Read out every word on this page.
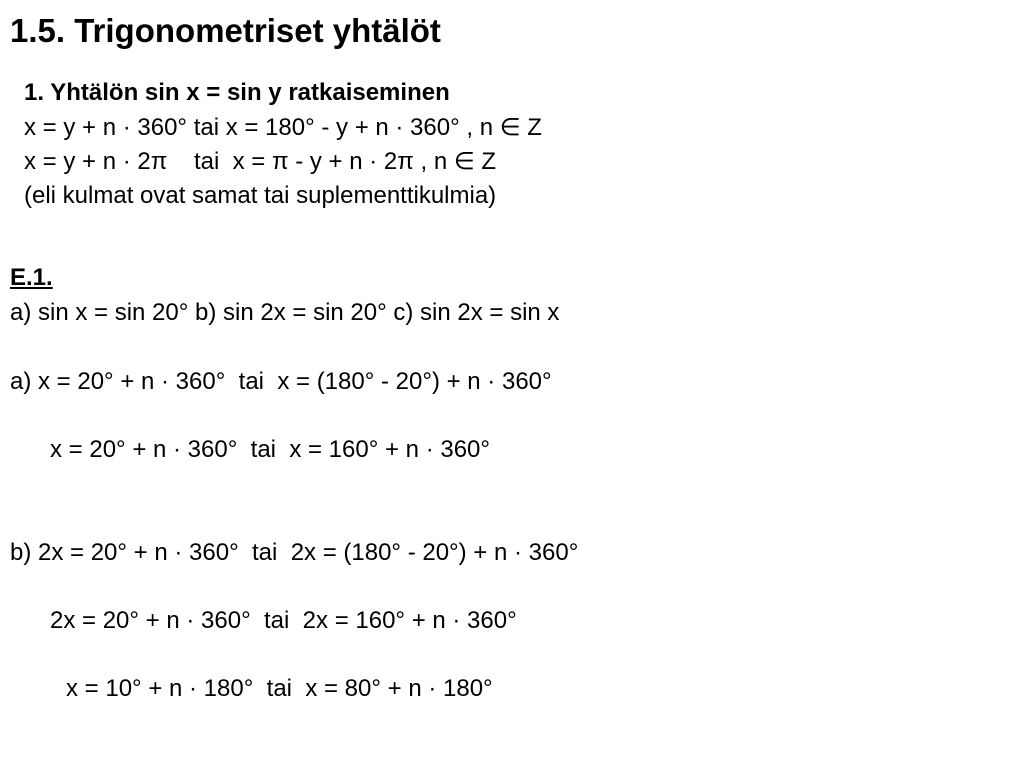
1.5. Trigonometriset yhtälöt
1. Yhtälön sin x = sin y ratkaiseminen
x = y + n · 360° tai x = 180° - y + n · 360° , n ∈ Z
x = y + n · 2π    tai  x = π - y + n · 2π , n ∈ Z
(eli kulmat ovat samat tai suplementtikulmia)
E.1.
a) sin x = sin 20° b) sin 2x = sin 20° c) sin 2x = sin x
a) x = 20° + n · 360°  tai  x = (180° - 20°) + n · 360°
x = 20° + n · 360°  tai  x = 160° + n · 360°
b) 2x = 20° + n · 360°  tai  2x = (180° - 20°) + n · 360°
2x = 20° + n · 360°  tai  2x = 160° + n · 360°
x = 10° + n · 180°  tai  x = 80° + n · 180°
